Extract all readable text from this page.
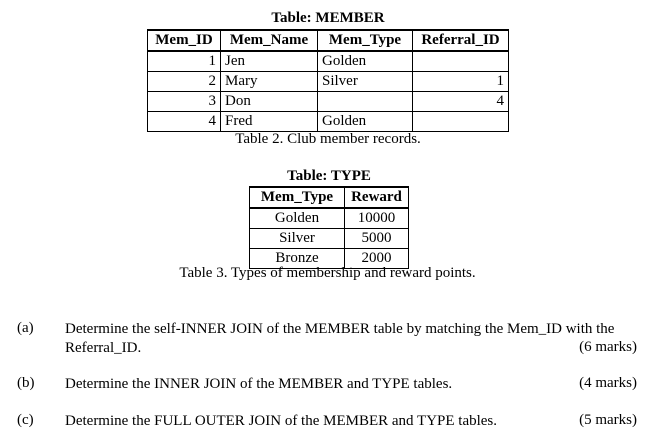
Table: MEMBER
Mem_ID	Mem_Name	Mem_Type	Referral_ID
1	Jen	Golden	
2	Mary	Silver	1
3	Don		4
4	Fred	Golden	
Table 2. Club member records.
Table: TYPE
Mem_Type	Reward
Golden	10000
Silver	5000
Bronze	2000
Table 3. Types of membership and reward points.
(a) Determine the self-INNER JOIN of the MEMBER table by matching the Mem_ID with the Referral_ID.	(6 marks)
(b) Determine the INNER JOIN of the MEMBER and TYPE tables.	(4 marks)
(c) Determine the FULL OUTER JOIN of the MEMBER and TYPE tables.	(5 marks)
